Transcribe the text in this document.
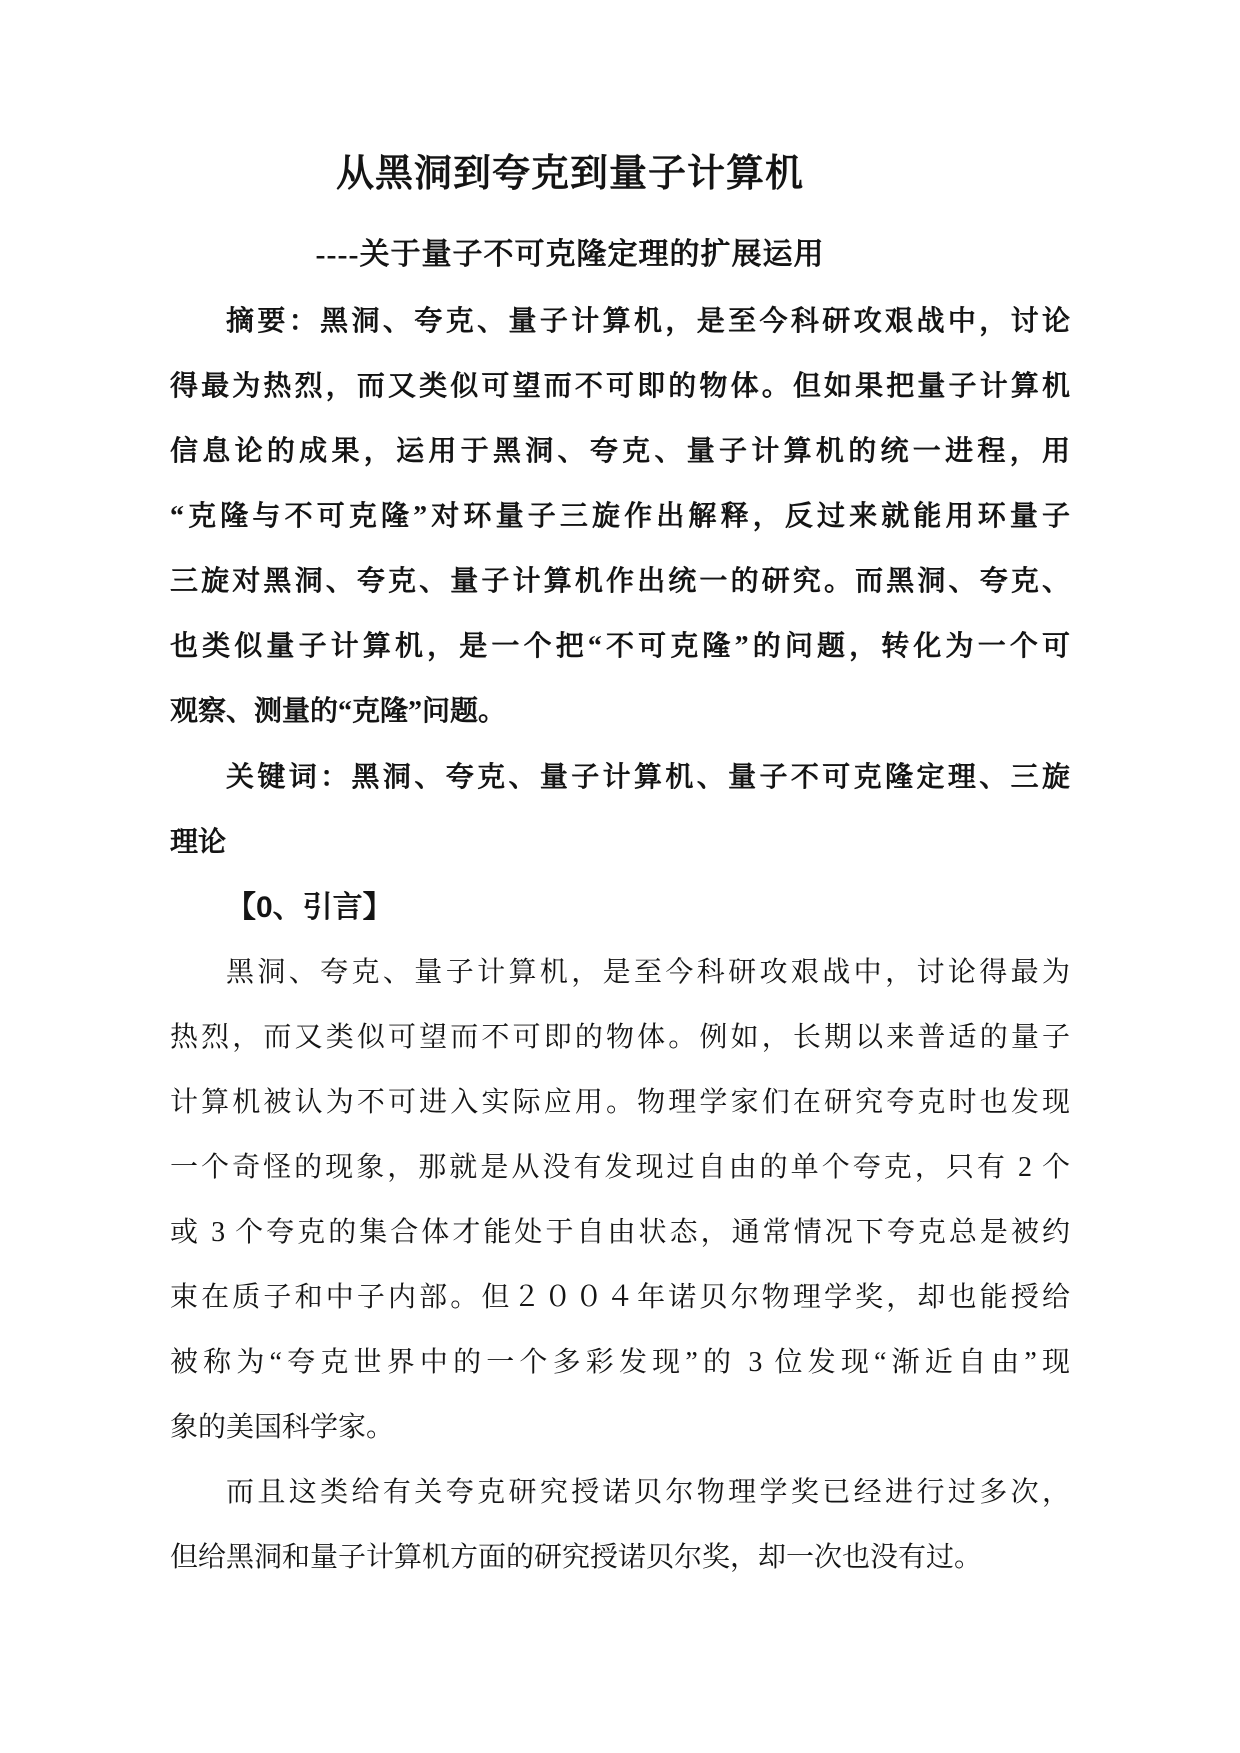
从黑洞到夸克到量子计算机
----关于量子不可克隆定理的扩展运用
摘要：黑洞、夸克、量子计算机，是至今科研攻艰战中，讨论
得最为热烈，而又类似可望而不可即的物体。但如果把量子计算机
信息论的成果，运用于黑洞、夸克、量子计算机的统一进程，用
“克隆与不可克隆”对环量子三旋作出解释，反过来就能用环量子
三旋对黑洞、夸克、量子计算机作出统一的研究。而黑洞、夸克、
也类似量子计算机，是一个把“不可克隆”的问题，转化为一个可
观察、测量的“克隆”问题。
关键词：黑洞、夸克、量子计算机、量子不可克隆定理、三旋
理论
【0、引言】
黑洞、夸克、量子计算机，是至今科研攻艰战中，讨论得最为
热烈，而又类似可望而不可即的物体。例如，长期以来普适的量子
计算机被认为不可进入实际应用。物理学家们在研究夸克时也发现
一个奇怪的现象，那就是从没有发现过自由的单个夸克，只有 2 个
或 3 个夸克的集合体才能处于自由状态，通常情况下夸克总是被约
束在质子和中子内部。但２００４年诺贝尔物理学奖，却也能授给
被称为“夸克世界中的一个多彩发现”的 3 位发现“渐近自由”现
象的美国科学家。
而且这类给有关夸克研究授诺贝尔物理学奖已经进行过多次，
但给黑洞和量子计算机方面的研究授诺贝尔奖，却一次也没有过。
